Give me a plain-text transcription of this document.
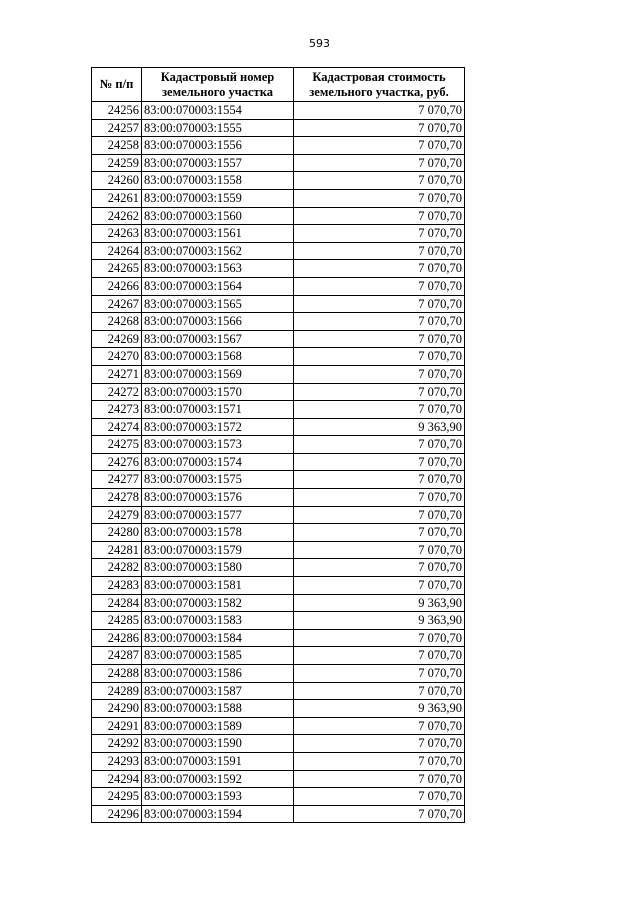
593
№ п/п	Кадастровый номер земельного участка	Кадастровая стоимость земельного участка, руб.
24256	83:00:070003:1554	7 070,70
24257	83:00:070003:1555	7 070,70
24258	83:00:070003:1556	7 070,70
24259	83:00:070003:1557	7 070,70
24260	83:00:070003:1558	7 070,70
24261	83:00:070003:1559	7 070,70
24262	83:00:070003:1560	7 070,70
24263	83:00:070003:1561	7 070,70
24264	83:00:070003:1562	7 070,70
24265	83:00:070003:1563	7 070,70
24266	83:00:070003:1564	7 070,70
24267	83:00:070003:1565	7 070,70
24268	83:00:070003:1566	7 070,70
24269	83:00:070003:1567	7 070,70
24270	83:00:070003:1568	7 070,70
24271	83:00:070003:1569	7 070,70
24272	83:00:070003:1570	7 070,70
24273	83:00:070003:1571	7 070,70
24274	83:00:070003:1572	9 363,90
24275	83:00:070003:1573	7 070,70
24276	83:00:070003:1574	7 070,70
24277	83:00:070003:1575	7 070,70
24278	83:00:070003:1576	7 070,70
24279	83:00:070003:1577	7 070,70
24280	83:00:070003:1578	7 070,70
24281	83:00:070003:1579	7 070,70
24282	83:00:070003:1580	7 070,70
24283	83:00:070003:1581	7 070,70
24284	83:00:070003:1582	9 363,90
24285	83:00:070003:1583	9 363,90
24286	83:00:070003:1584	7 070,70
24287	83:00:070003:1585	7 070,70
24288	83:00:070003:1586	7 070,70
24289	83:00:070003:1587	7 070,70
24290	83:00:070003:1588	9 363,90
24291	83:00:070003:1589	7 070,70
24292	83:00:070003:1590	7 070,70
24293	83:00:070003:1591	7 070,70
24294	83:00:070003:1592	7 070,70
24295	83:00:070003:1593	7 070,70
24296	83:00:070003:1594	7 070,70
